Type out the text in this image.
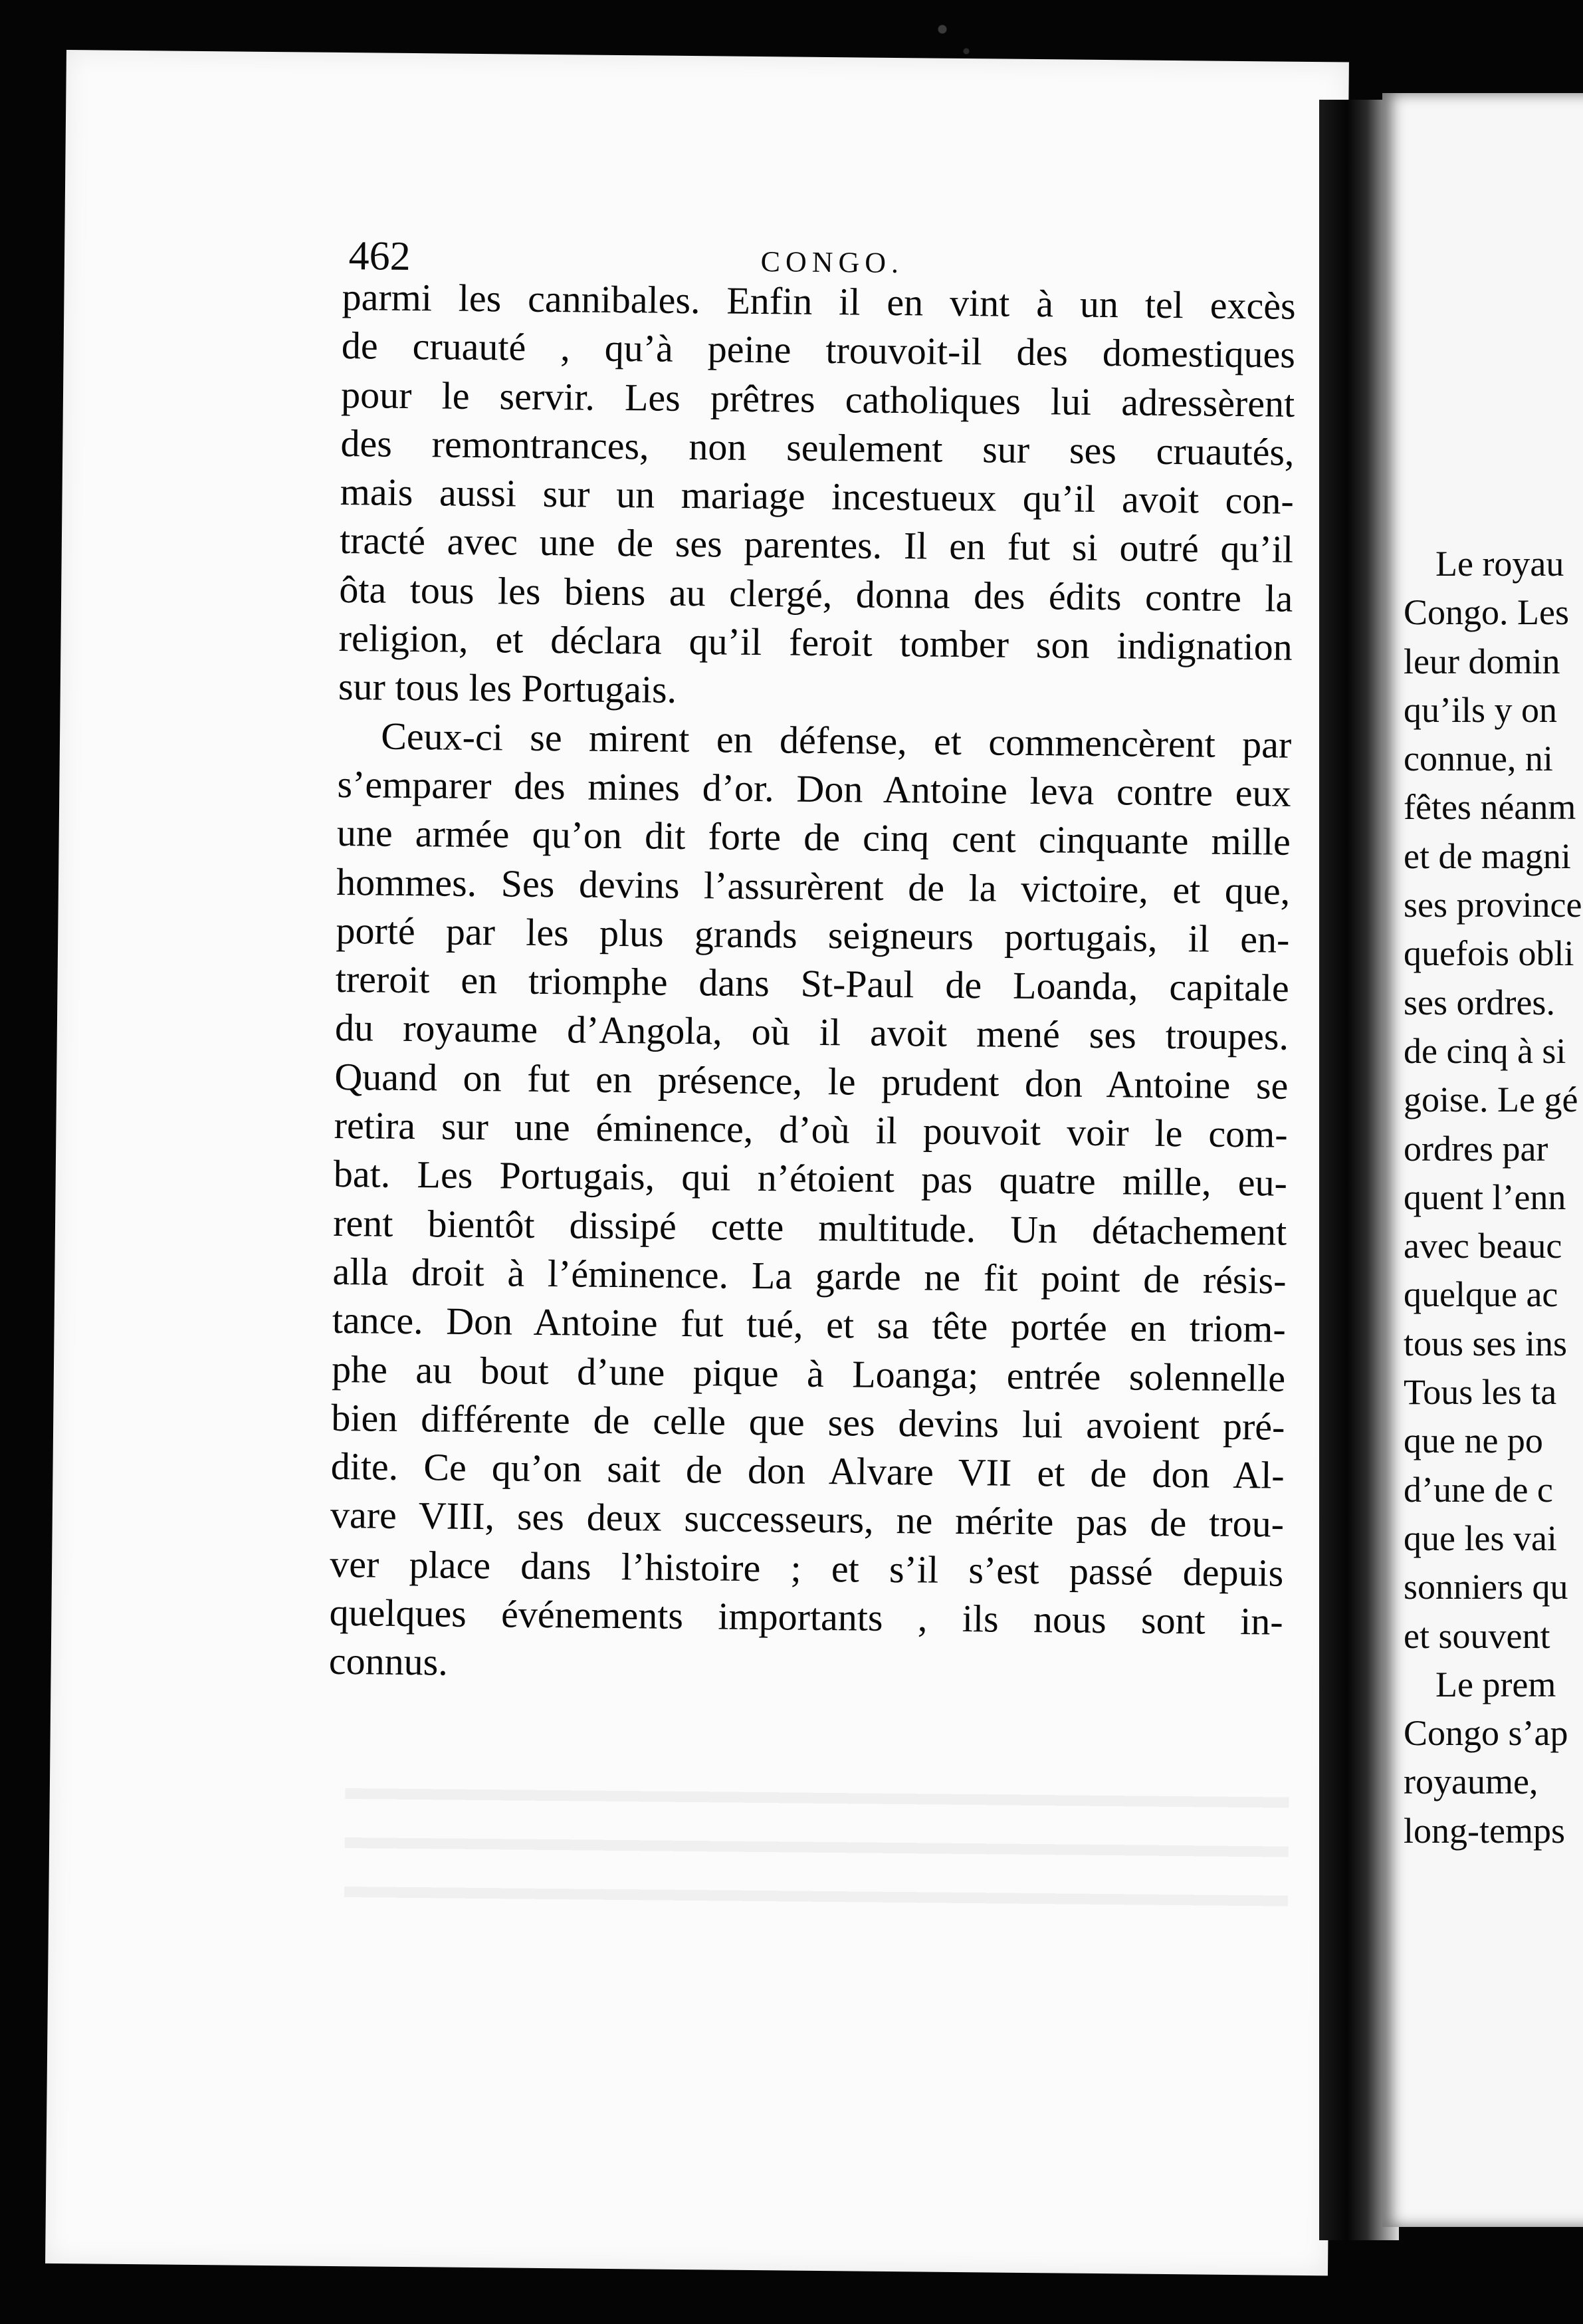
462	CONGO.
parmi les cannibales. Enfin il en vint à un tel excès
de cruauté , qu’à peine trouvoit-il des domestiques
pour le servir. Les prêtres catholiques lui adressèrent
des remontrances, non seulement sur ses cruautés,
mais aussi sur un mariage incestueux qu’il avoit con-
tracté avec une de ses parentes. Il en fut si outré qu’il
ôta tous les biens au clergé, donna des édits contre la
religion, et déclara qu’il feroit tomber son indignation
sur tous les Portugais.
Ceux-ci se mirent en défense, et commencèrent par
s’emparer des mines d’or. Don Antoine leva contre eux
une armée qu’on dit forte de cinq cent cinquante mille
hommes. Ses devins l’assurèrent de la victoire, et que,
porté par les plus grands seigneurs portugais, il en-
treroit en triomphe dans St-Paul de Loanda, capitale
du royaume d’Angola, où il avoit mené ses troupes.
Quand on fut en présence, le prudent don Antoine se
retira sur une éminence, d’où il pouvoit voir le com-
bat. Les Portugais, qui n’étoient pas quatre mille, eu-
rent bientôt dissipé cette multitude. Un détachement
alla droit à l’éminence. La garde ne fit point de résis-
tance. Don Antoine fut tué, et sa tête portée en triom-
phe au bout d’une pique à Loanga; entrée solennelle
bien différente de celle que ses devins lui avoient pré-
dite. Ce qu’on sait de don Alvare VII et de don Al-
vare VIII, ses deux successeurs, ne mérite pas de trou-
ver place dans l’histoire ; et s’il s’est passé depuis
quelques événements importants , ils nous sont in-
connus.
Le royau
Congo. Les
leur domin
qu’ils y on
connue, ni
fêtes néanm
et de magni
ses province
quefois obli
ses ordres.
de cinq à si
goise. Le gé
ordres par
quent l’enn
avec beauc
quelque ac
tous ses ins
Tous les ta
que ne po
d’une de c
que les vai
sonniers qu
et souvent
Le prem
Congo s’ap
royaume,
long-temps
